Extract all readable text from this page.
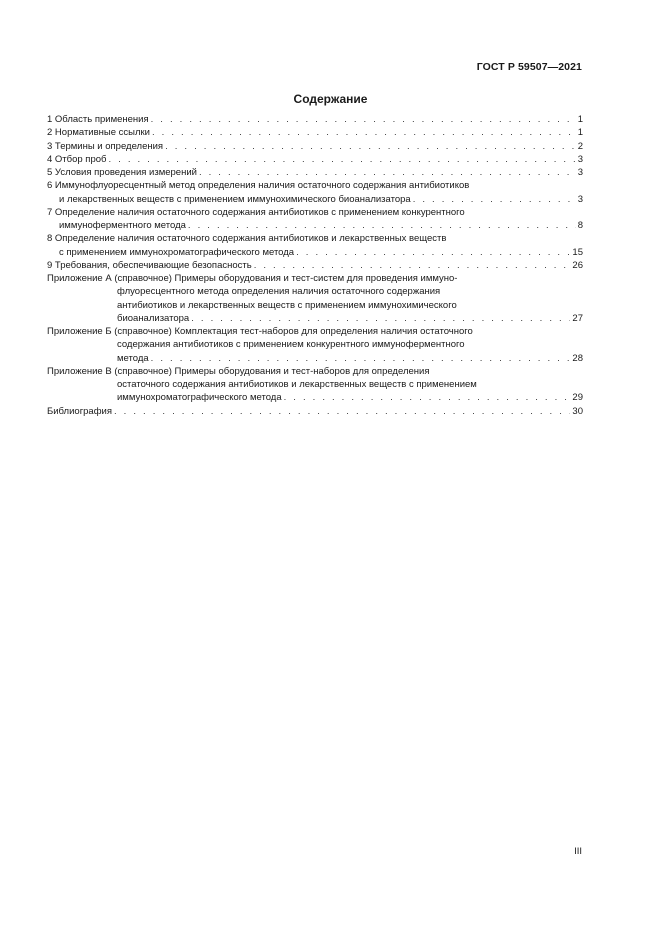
ГОСТ Р 59507—2021
Содержание
1 Область применения . . .	1
2 Нормативные ссылки . . .	1
3 Термины и определения . . .	2
4 Отбор проб . . .	3
5 Условия проведения измерений . . .	3
6 Иммунофлуоресцентный метод определения наличия остаточного содержания антибиотиков
и лекарственных веществ с применением иммунохимического биоанализатора . . .	3
7 Определение наличия остаточного содержания антибиотиков с применением конкурентного
иммуноферментного метода . . .	8
8 Определение наличия остаточного содержания антибиотиков и лекарственных веществ
с применением иммунохроматографического метода . . .	15
9 Требования, обеспечивающие безопасность . . .	26
Приложение А (справочное) Примеры оборудования и тест-систем для проведения иммуно-
флуоресцентного метода определения наличия остаточного содержания
антибиотиков и лекарственных веществ с применением иммунохимического
биоанализатора . . .	27
Приложение Б (справочное) Комплектация тест-наборов для определения наличия остаточного
содержания антибиотиков с применением конкурентного иммуноферментного
метода . . .	28
Приложение В (справочное) Примеры оборудования и тест-наборов для определения
остаточного содержания антибиотиков и лекарственных веществ с применением
иммунохроматографического метода . . .	29
Библиография . . .	30
III
